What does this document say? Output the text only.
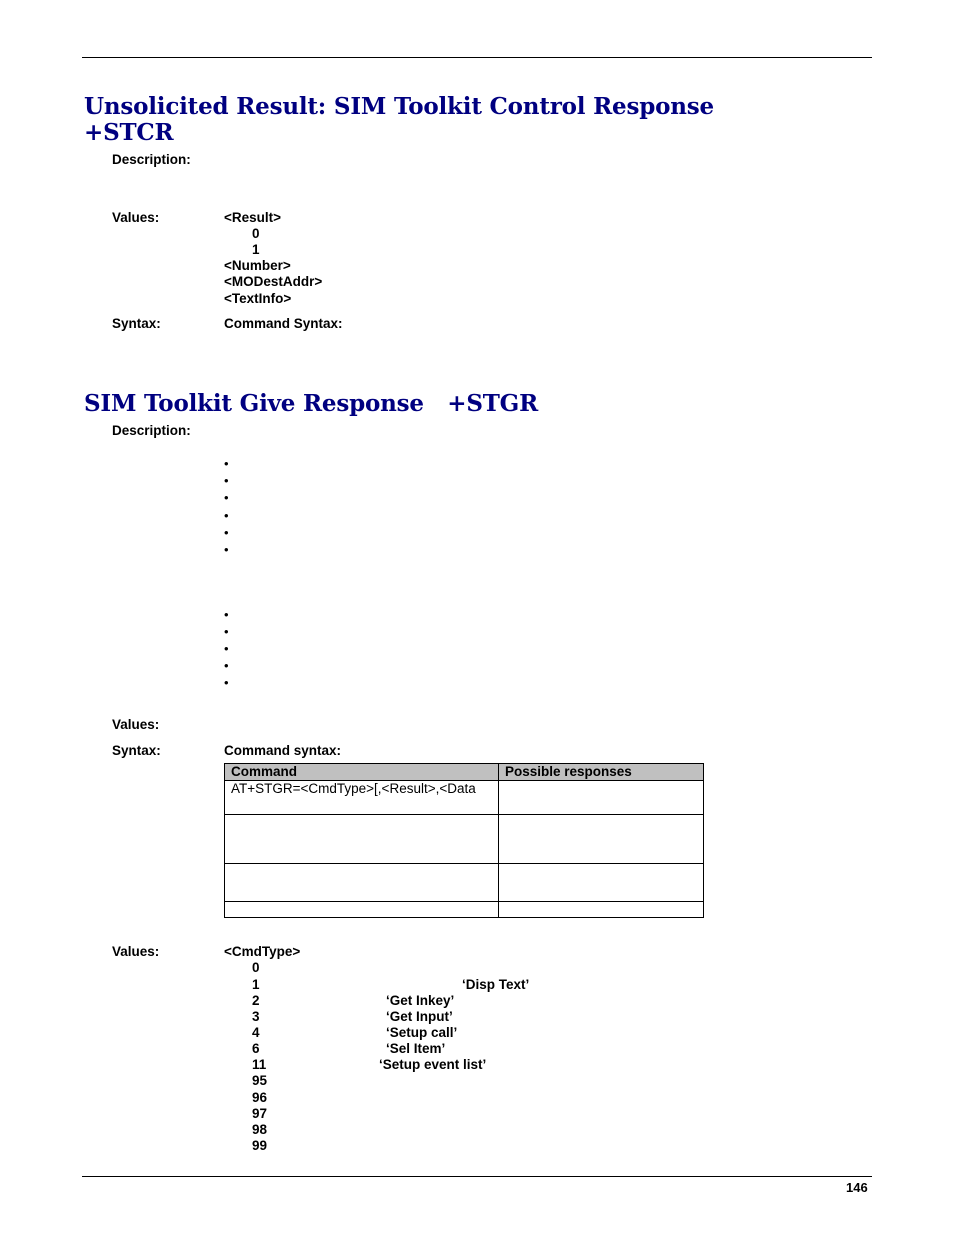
Unsolicited Result: SIM Toolkit Control Response +STCR
Description:
Values:	<Result>
0
1
<Number>
<MODestAddr>
<TextInfo>
Syntax:	Command Syntax:
SIM Toolkit Give Response   +STGR
Description:
•
•
•
•
•
•
•
•
•
•
•
Values:
Syntax:	Command syntax:
Command	Possible responses
AT+STGR=<CmdType>[,<Result>,<Data	

Values:	<CmdType>
0
1	‘Disp Text’
2	‘Get Inkey’
3	‘Get Input’
4	‘Setup call’
6	‘Sel Item’
11	‘Setup event list’
95
96
97
98
99
146
